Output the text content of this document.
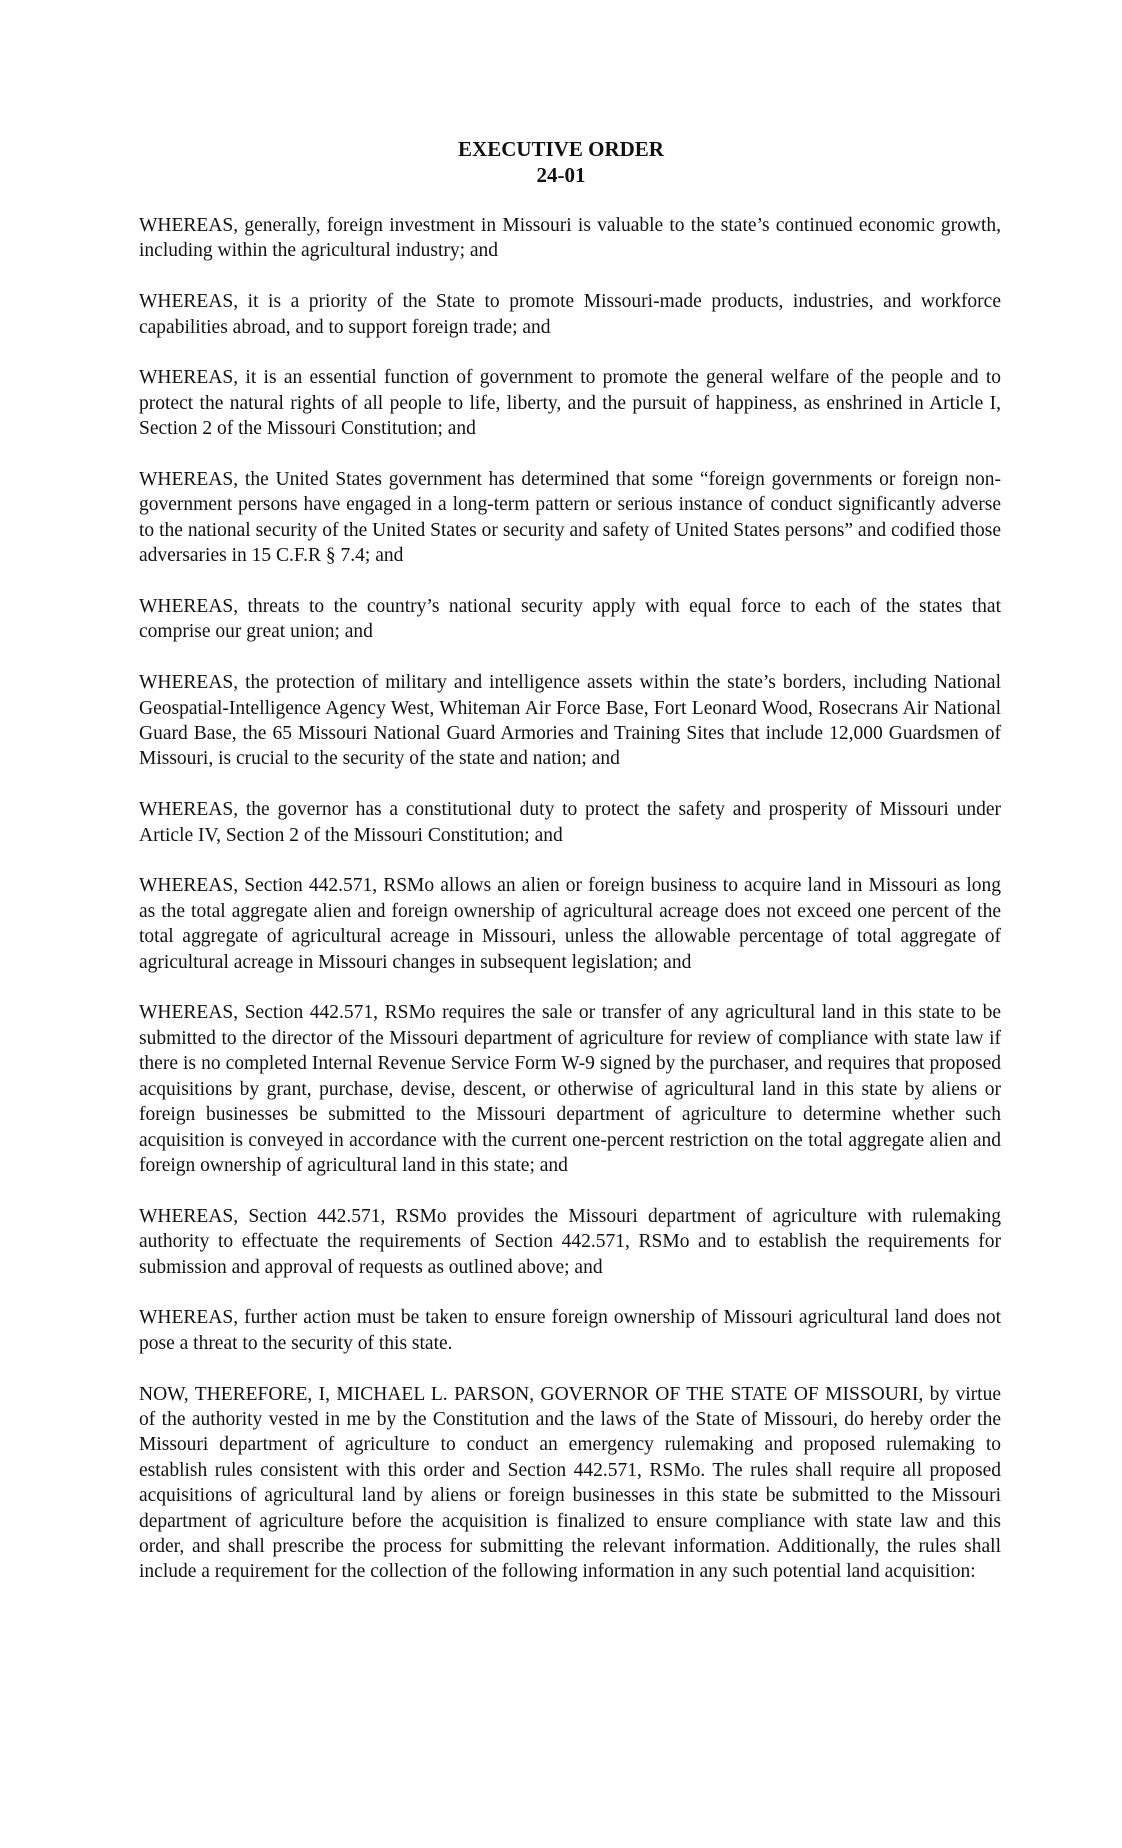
EXECUTIVE ORDER
24-01

WHEREAS, generally, foreign investment in Missouri is valuable to the state’s continued economic growth, including within the agricultural industry; and

WHEREAS, it is a priority of the State to promote Missouri-made products, industries, and workforce capabilities abroad, and to support foreign trade; and

WHEREAS, it is an essential function of government to promote the general welfare of the people and to protect the natural rights of all people to life, liberty, and the pursuit of happiness, as enshrined in Article I, Section 2 of the Missouri Constitution; and

WHEREAS, the United States government has determined that some “foreign governments or foreign non-government persons have engaged in a long-term pattern or serious instance of conduct significantly adverse to the national security of the United States or security and safety of United States persons” and codified those adversaries in 15 C.F.R § 7.4; and

WHEREAS, threats to the country’s national security apply with equal force to each of the states that comprise our great union; and

WHEREAS, the protection of military and intelligence assets within the state’s borders, including National Geospatial-Intelligence Agency West, Whiteman Air Force Base, Fort Leonard Wood, Rosecrans Air National Guard Base, the 65 Missouri National Guard Armories and Training Sites that include 12,000 Guardsmen of Missouri, is crucial to the security of the state and nation; and

WHEREAS, the governor has a constitutional duty to protect the safety and prosperity of Missouri under Article IV, Section 2 of the Missouri Constitution; and

WHEREAS, Section 442.571, RSMo allows an alien or foreign business to acquire land in Missouri as long as the total aggregate alien and foreign ownership of agricultural acreage does not exceed one percent of the total aggregate of agricultural acreage in Missouri, unless the allowable percentage of total aggregate of agricultural acreage in Missouri changes in subsequent legislation; and

WHEREAS, Section 442.571, RSMo requires the sale or transfer of any agricultural land in this state to be submitted to the director of the Missouri department of agriculture for review of compliance with state law if there is no completed Internal Revenue Service Form W-9 signed by the purchaser, and requires that proposed acquisitions by grant, purchase, devise, descent, or otherwise of agricultural land in this state by aliens or foreign businesses be submitted to the Missouri department of agriculture to determine whether such acquisition is conveyed in accordance with the current one-percent restriction on the total aggregate alien and foreign ownership of agricultural land in this state; and

WHEREAS, Section 442.571, RSMo provides the Missouri department of agriculture with rulemaking authority to effectuate the requirements of Section 442.571, RSMo and to establish the requirements for submission and approval of requests as outlined above; and

WHEREAS, further action must be taken to ensure foreign ownership of Missouri agricultural land does not pose a threat to the security of this state.

NOW, THEREFORE, I, MICHAEL L. PARSON, GOVERNOR OF THE STATE OF MISSOURI, by virtue of the authority vested in me by the Constitution and the laws of the State of Missouri, do hereby order the Missouri department of agriculture to conduct an emergency rulemaking and proposed rulemaking to establish rules consistent with this order and Section 442.571, RSMo. The rules shall require all proposed acquisitions of agricultural land by aliens or foreign businesses in this state be submitted to the Missouri department of agriculture before the acquisition is finalized to ensure compliance with state law and this order, and shall prescribe the process for submitting the relevant information. Additionally, the rules shall include a requirement for the collection of the following information in any such potential land acquisition:
